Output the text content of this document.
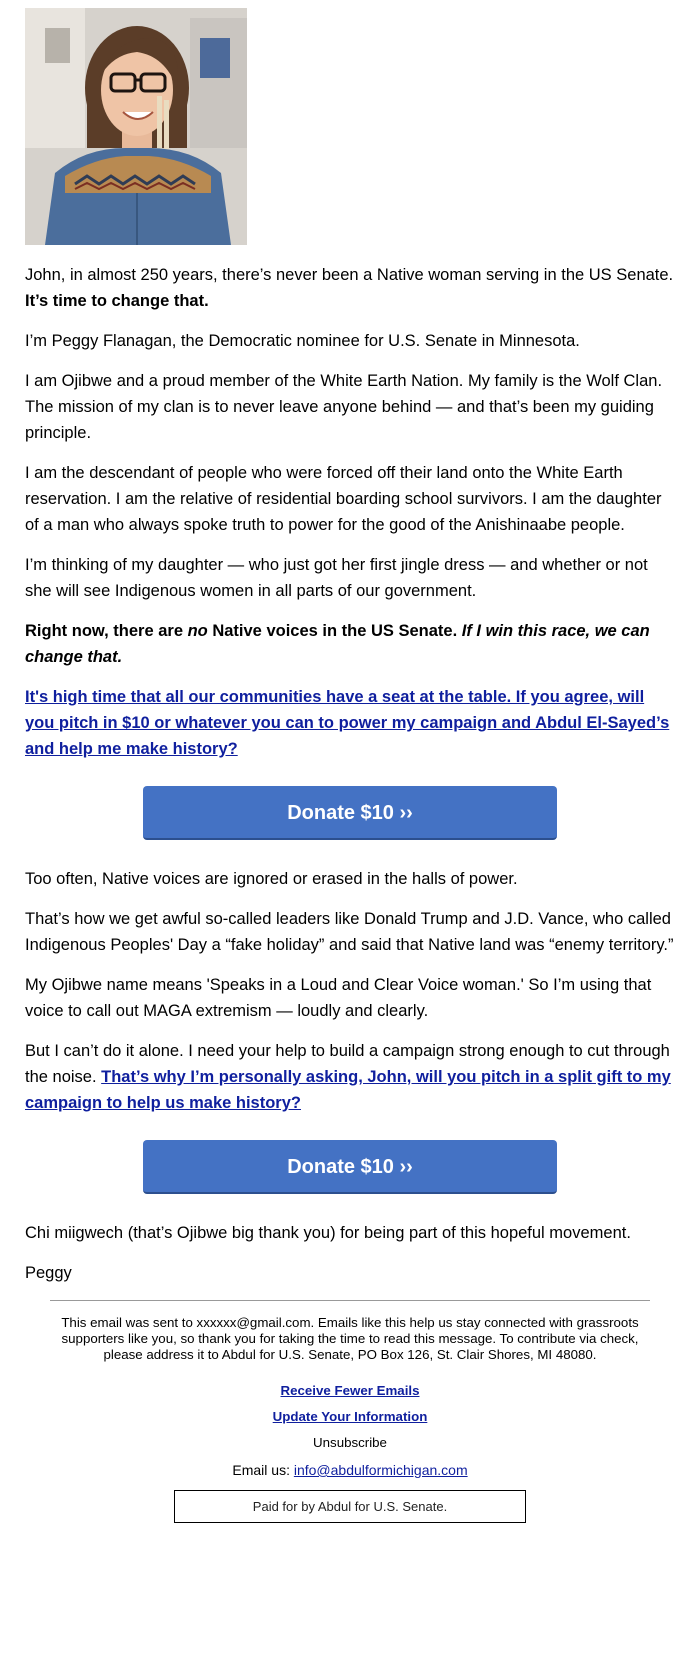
John, in almost 250 years, there’s never been a Native woman serving in the US Senate. It’s time to change that.

I’m Peggy Flanagan, the Democratic nominee for U.S. Senate in Minnesota.

I am Ojibwe and a proud member of the White Earth Nation. My family is the Wolf Clan. The mission of my clan is to never leave anyone behind — and that’s been my guiding principle.

I am the descendant of people who were forced off their land onto the White Earth reservation. I am the relative of residential boarding school survivors. I am the daughter of a man who always spoke truth to power for the good of the Anishinaabe people.

I’m thinking of my daughter — who just got her first jingle dress — and whether or not she will see Indigenous women in all parts of our government.

Right now, there are no Native voices in the US Senate. If I win this race, we can change that.

It's high time that all our communities have a seat at the table. If you agree, will you pitch in $10 or whatever you can to power my campaign and Abdul El-Sayed’s and help me make history?

Donate $10 ››

Too often, Native voices are ignored or erased in the halls of power.

That’s how we get awful so-called leaders like Donald Trump and J.D. Vance, who called Indigenous Peoples' Day a “fake holiday” and said that Native land was “enemy territory.”

My Ojibwe name means 'Speaks in a Loud and Clear Voice woman.' So I’m using that voice to call out MAGA extremism — loudly and clearly.

But I can’t do it alone. I need your help to build a campaign strong enough to cut through the noise. That’s why I’m personally asking, John, will you pitch in a split gift to my campaign to help us make history?

Donate $10 ››

Chi miigwech (that’s Ojibwe big thank you) for being part of this hopeful movement.

Peggy

This email was sent to xxxxxx@gmail.com. Emails like this help us stay connected with grassroots supporters like you, so thank you for taking the time to read this message. To contribute via check, please address it to Abdul for U.S. Senate, PO Box 126, St. Clair Shores, MI 48080.
Receive Fewer Emails
Update Your Information
Unsubscribe
Email us: info@abdulformichigan.com
Paid for by Abdul for U.S. Senate.
